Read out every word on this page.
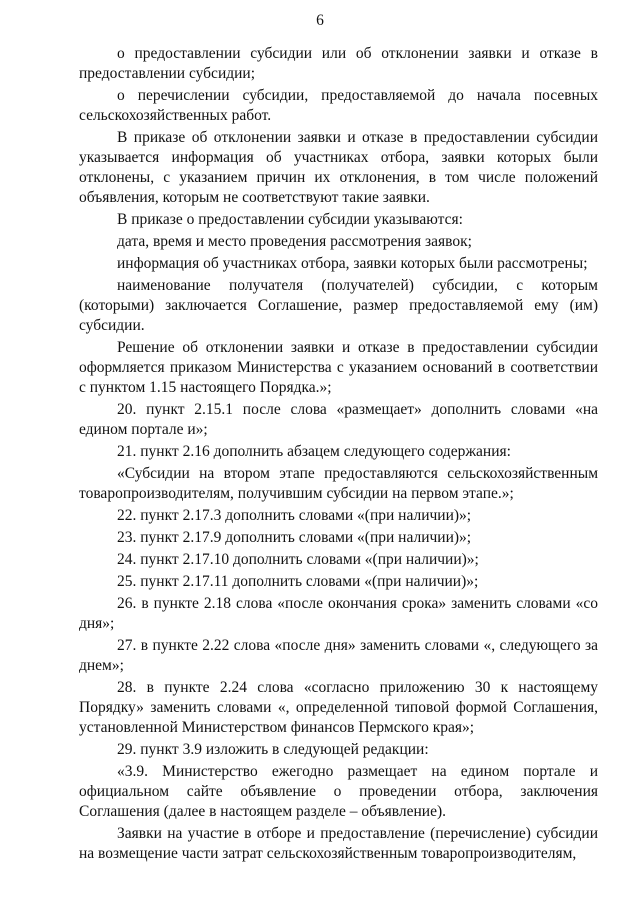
6

о предоставлении субсидии или об отклонении заявки и отказе в предоставлении субсидии;

о перечислении субсидии, предоставляемой до начала посевных сельскохозяйственных работ.

В приказе об отклонении заявки и отказе в предоставлении субсидии указывается информация об участниках отбора, заявки которых были отклонены, с указанием причин их отклонения, в том числе положений объявления, которым не соответствуют такие заявки.

В приказе о предоставлении субсидии указываются:

дата, время и место проведения рассмотрения заявок;

информация об участниках отбора, заявки которых были рассмотрены;

наименование получателя (получателей) субсидии, с которым (которыми) заключается Соглашение, размер предоставляемой ему (им) субсидии.

Решение об отклонении заявки и отказе в предоставлении субсидии оформляется приказом Министерства с указанием оснований в соответствии с пунктом 1.15 настоящего Порядка.»;

20. пункт 2.15.1 после слова «размещает» дополнить словами «на едином портале и»;

21. пункт 2.16 дополнить абзацем следующего содержания:

«Субсидии на втором этапе предоставляются сельскохозяйственным товаропроизводителям, получившим субсидии на первом этапе.»;

22. пункт 2.17.3 дополнить словами «(при наличии)»;

23. пункт 2.17.9 дополнить словами «(при наличии)»;

24. пункт 2.17.10 дополнить словами «(при наличии)»;

25. пункт 2.17.11 дополнить словами «(при наличии)»;

26. в пункте 2.18 слова «после окончания срока» заменить словами «со дня»;

27. в пункте 2.22 слова «после дня» заменить словами «, следующего за днем»;

28. в пункте 2.24 слова «согласно приложению 30 к настоящему Порядку» заменить словами «, определенной типовой формой Соглашения, установленной Министерством финансов Пермского края»;

29. пункт 3.9 изложить в следующей редакции:

«3.9. Министерство ежегодно размещает на едином портале и официальном сайте объявление о проведении отбора, заключения Соглашения (далее в настоящем разделе – объявление).

Заявки на участие в отборе и предоставление (перечисление) субсидии на возмещение части затрат сельскохозяйственным товаропроизводителям,
